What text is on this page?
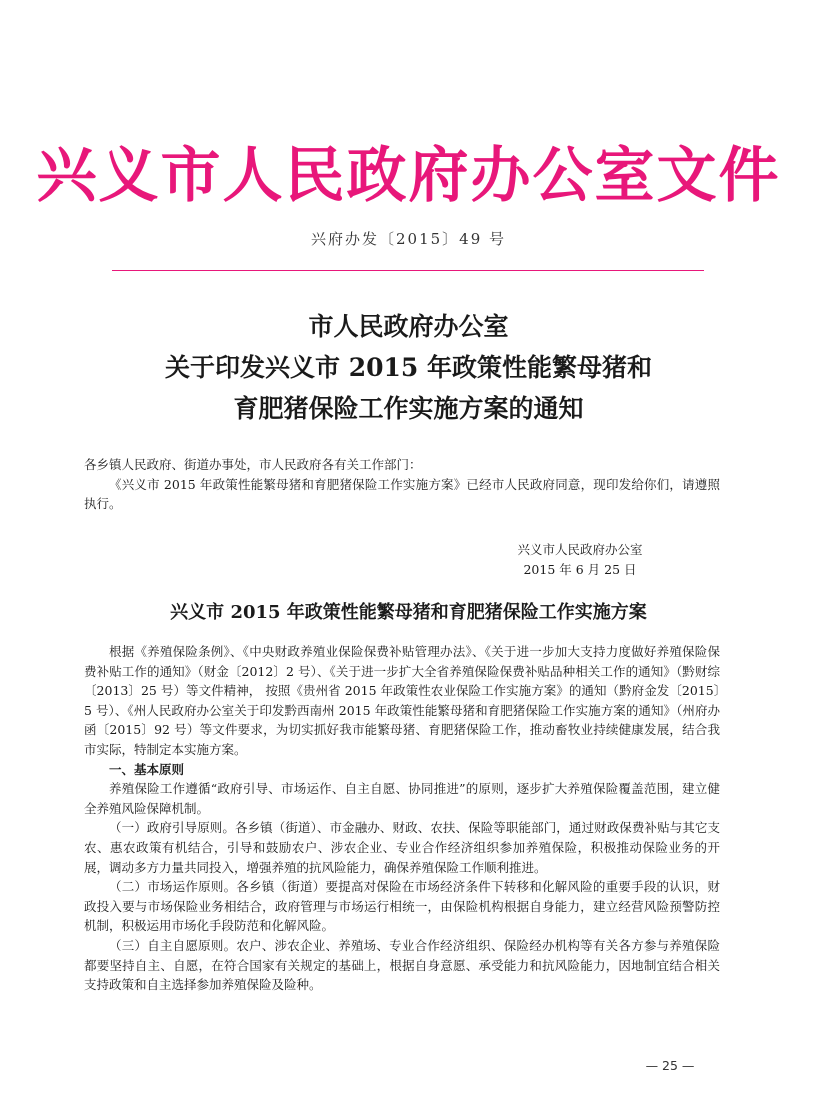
兴义市人民政府办公室文件
兴府办发〔2015〕49 号
市人民政府办公室
关于印发兴义市 2015 年政策性能繁母猪和
育肥猪保险工作实施方案的通知

各乡镇人民政府、街道办事处，市人民政府各有关工作部门：

《兴义市 2015 年政策性能繁母猪和育肥猪保险工作实施方案》已经市人民政府同意，现印发给你们，请遵照执行。

兴义市人民政府办公室
2015 年 6 月 25 日
兴义市 2015 年政策性能繁母猪和育肥猪保险工作实施方案

根据《养殖保险条例》、《中央财政养殖业保险保费补贴管理办法》、《关于进一步加大支持力度做好养殖保险保费补贴工作的通知》（财金〔2012〕2 号）、《关于进一步扩大全省养殖保险保费补贴品种相关工作的通知》（黔财综〔2013〕25 号）等文件精神， 按照《贵州省 2015 年政策性农业保险工作实施方案》的通知（黔府金发〔2015〕5 号）、《州人民政府办公室关于印发黔西南州 2015 年政策性能繁母猪和育肥猪保险工作实施方案的通知》（州府办函〔2015〕92 号）等文件要求，为切实抓好我市能繁母猪、育肥猪保险工作，推动畜牧业持续健康发展，结合我市实际，特制定本实施方案。

一、基本原则

养殖保险工作遵循“政府引导、市场运作、自主自愿、协同推进”的原则，逐步扩大养殖保险覆盖范围，建立健全养殖风险保障机制。

（一）政府引导原则。各乡镇（街道）、市金融办、财政、农扶、保险等职能部门，通过财政保费补贴与其它支农、惠农政策有机结合，引导和鼓励农户、涉农企业、专业合作经济组织参加养殖保险，积极推动保险业务的开展，调动多方力量共同投入，增强养殖的抗风险能力，确保养殖保险工作顺利推进。

（二）市场运作原则。各乡镇（街道）要提高对保险在市场经济条件下转移和化解风险的重要手段的认识，财政投入要与市场保险业务相结合，政府管理与市场运行相统一，由保险机构根据自身能力，建立经营风险预警防控机制，积极运用市场化手段防范和化解风险。

（三）自主自愿原则。农户、涉农企业、养殖场、专业合作经济组织、保险经办机构等有关各方参与养殖保险都要坚持自主、自愿，在符合国家有关规定的基础上，根据自身意愿、承受能力和抗风险能力，因地制宜结合相关支持政策和自主选择参加养殖保险及险种。

— 25 —
